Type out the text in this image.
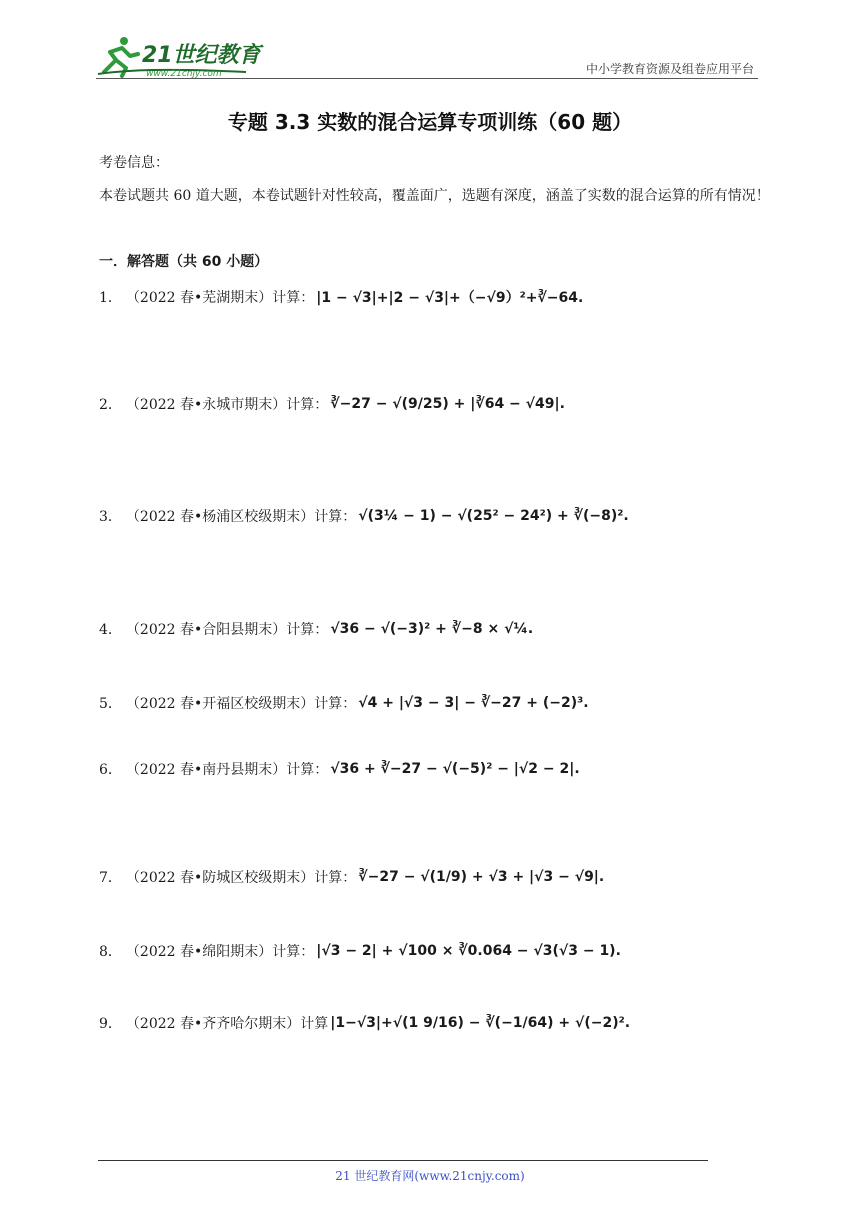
21世纪教育
www.21cnjy.com	中小学教育资源及组卷应用平台
专题 3.3 实数的混合运算专项训练（60 题）
考卷信息：
本卷试题共 60 道大题，本卷试题针对性较高，覆盖面广，选题有深度，涵盖了实数的混合运算的所有情况！
一．解答题（共 60 小题）
1． （2022 春•芜湖期末）计算： |1 − √3|+|2 − √3|+（−√9）²+∛−64.
2． （2022 春•永城市期末）计算： ∛−27 − √(9/25) + |∛64 − √49|.
3． （2022 春•杨浦区校级期末）计算： √(3¼ − 1) − √(25² − 24²) + ∛(−8)².
4． （2022 春•合阳县期末）计算： √36 − √(−3)² + ∛−8 × √¼.
5． （2022 春•开福区校级期末）计算： √4 + |√3 − 3| − ∛−27 + (−2)³.
6． （2022 春•南丹县期末）计算： √36 + ∛−27 − √(−5)² − |√2 − 2|.
7． （2022 春•防城区校级期末）计算： ∛−27 − √(1/9) + √3 + |√3 − √9|.
8． （2022 春•绵阳期末）计算： |√3 − 2| + √100 × ∛0.064 − √3(√3 − 1).
9． （2022 春•齐齐哈尔期末）计算 |1−√3|+√(1 9/16) − ∛(−1/64) + √(−2)².
21 世纪教育网(www.21cnjy.com)
